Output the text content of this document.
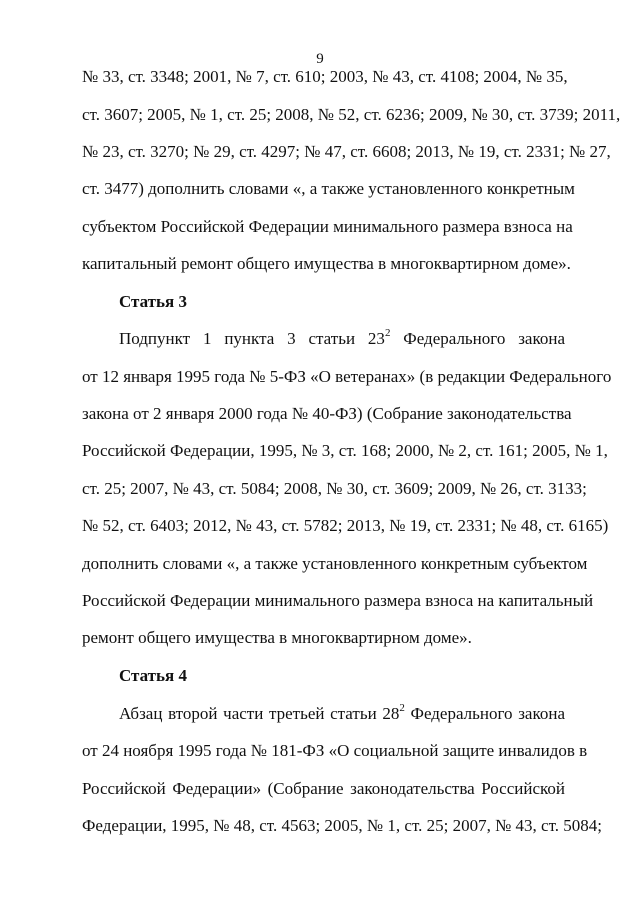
9
№ 33, ст. 3348; 2001, № 7, ст. 610; 2003, № 43, ст. 4108; 2004, № 35,
ст. 3607; 2005, № 1, ст. 25; 2008, № 52, ст. 6236; 2009, № 30, ст. 3739; 2011,
№ 23, ст. 3270; № 29, ст. 4297; № 47, ст. 6608; 2013, № 19, ст. 2331; № 27,
ст. 3477) дополнить словами «, а также установленного конкретным
субъектом Российской Федерации минимального размера взноса на
капитальный ремонт общего имущества в многоквартирном доме».
Статья 3
Подпункт 1 пункта 3 статьи $23^2$ Федерального закона
от 12 января 1995 года № 5-ФЗ «О ветеранах» (в редакции Федерального
закона от 2 января 2000 года № 40-ФЗ) (Собрание законодательства
Российской Федерации, 1995, № 3, ст. 168; 2000, № 2, ст. 161; 2005, № 1,
ст. 25; 2007, № 43, ст. 5084; 2008, № 30, ст. 3609; 2009, № 26, ст. 3133;
№ 52, ст. 6403; 2012, № 43, ст. 5782; 2013, № 19, ст. 2331; № 48, ст. 6165)
дополнить словами «, а также установленного конкретным субъектом
Российской Федерации минимального размера взноса на капитальный
ремонт общего имущества в многоквартирном доме».
Статья 4
Абзац второй части третьей статьи $28^2$ Федерального закона
от 24 ноября 1995 года № 181-ФЗ «О социальной защите инвалидов в
Российской Федерации» (Собрание законодательства Российской
Федерации, 1995, № 48, ст. 4563; 2005, № 1, ст. 25; 2007, № 43, ст. 5084;
